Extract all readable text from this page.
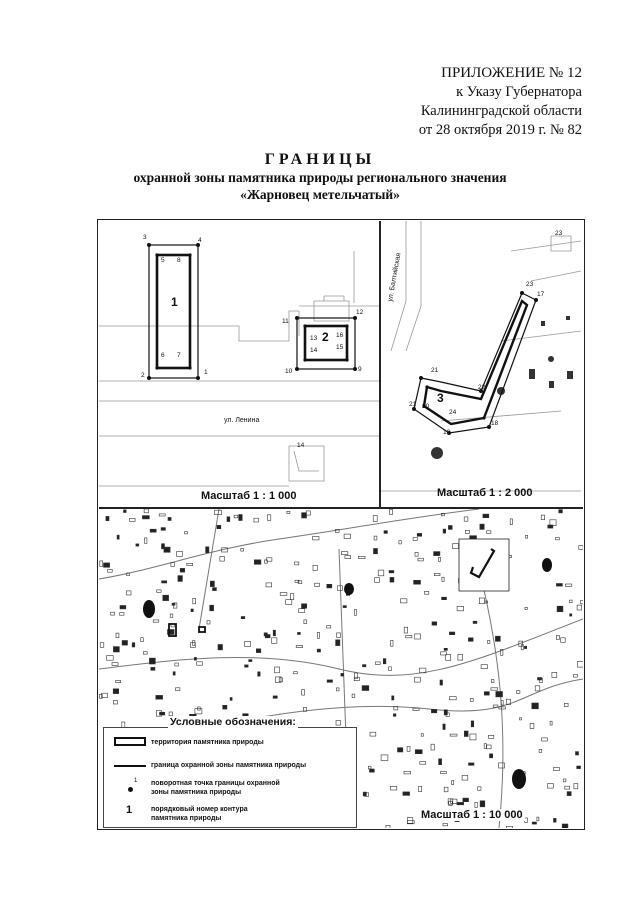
ПРИЛОЖЕНИЕ № 12
к Указу Губернатора
Калининградской области
от 28 октября 2019 г. № 82
ГРАНИЦЫ
охранной зоны памятника природы регионального значения
«Жарновец метельчатый»
3	4
5 8
6 7
1
2
11
12
13
14	15
16
10	9
14
1
2
ул. Ленина
Масштаб 1 : 1 000
23
17
21
22
20
24
19
18
21
23
3
ул. Балтийская
Масштаб 1 : 2 000
Масштаб 1 : 10 000
Условные обозначения:
территория памятника природы
граница охранной зоны памятника природы
1 поворотная точка границы охранной
зоны памятника природы
1	порядковый номер контура
памятника природы
